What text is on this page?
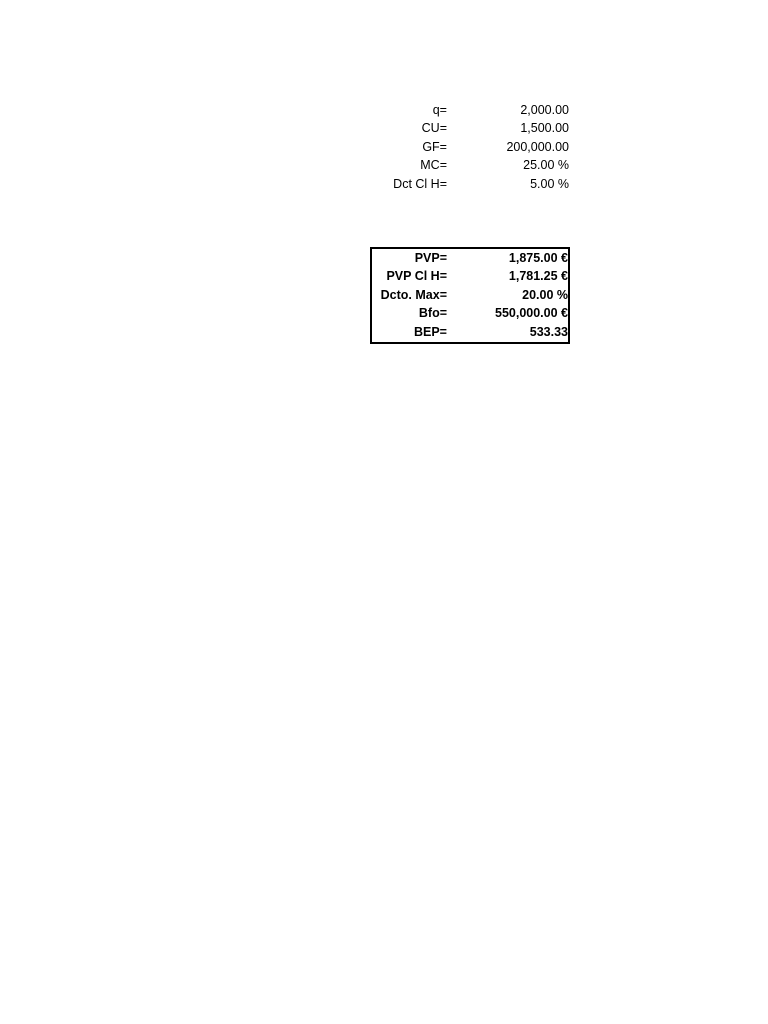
q=	2,000.00
CU=	1,500.00
GF=	200,000.00
MC=	25.00 %
Dct Cl H=	5.00 %
PVP=	1,875.00 €
PVP Cl H=	1,781.25 €
Dcto. Max=	20.00 %
Bfo=	550,000.00 €
BEP=	533.33
